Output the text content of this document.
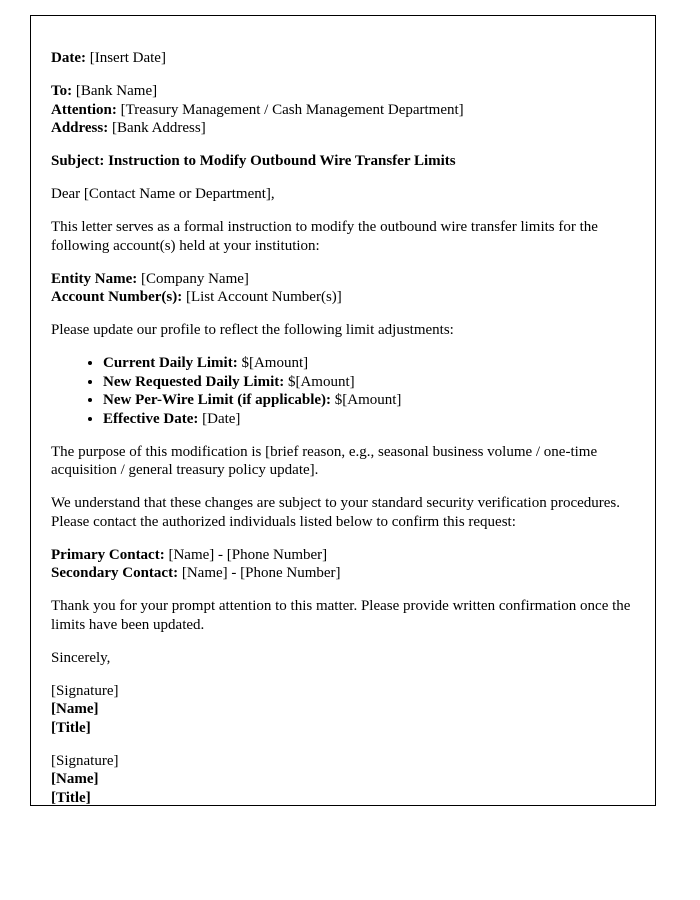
Date: [Insert Date]
To: [Bank Name]
Attention: [Treasury Management / Cash Management Department]
Address: [Bank Address]
Subject: Instruction to Modify Outbound Wire Transfer Limits
Dear [Contact Name or Department],
This letter serves as a formal instruction to modify the outbound wire transfer limits for the following account(s) held at your institution:
Entity Name: [Company Name]
Account Number(s): [List Account Number(s)]
Please update our profile to reflect the following limit adjustments:
• Current Daily Limit: $[Amount]
• New Requested Daily Limit: $[Amount]
• New Per-Wire Limit (if applicable): $[Amount]
• Effective Date: [Date]
The purpose of this modification is [brief reason, e.g., seasonal business volume / one-time acquisition / general treasury policy update].
We understand that these changes are subject to your standard security verification procedures. Please contact the authorized individuals listed below to confirm this request:
Primary Contact: [Name] - [Phone Number]
Secondary Contact: [Name] - [Phone Number]
Thank you for your prompt attention to this matter. Please provide written confirmation once the limits have been updated.
Sincerely,
[Signature]
[Name]
[Title]
[Signature]
[Name]
[Title]
